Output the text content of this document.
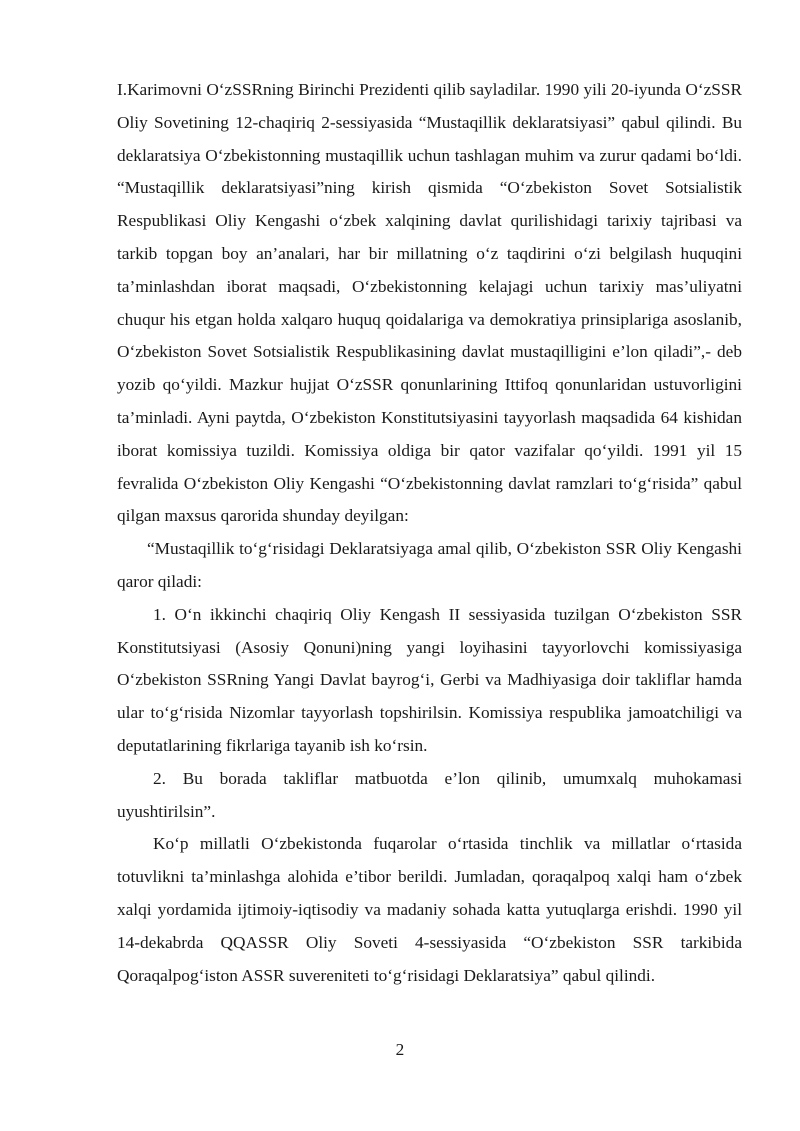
I.Karimovni O‘zSSRning Birinchi Prezidenti qilib sayladilar. 1990 yili 20-iyunda O‘zSSR Oliy Sovetining 12-chaqiriq 2-sessiyasida “Mustaqillik deklaratsiyasi” qabul qilindi. Bu deklaratsiya O‘zbekistonning mustaqillik uchun tashlagan muhim va zurur qadami bo‘ldi. “Mustaqillik deklaratsiyasi”ning kirish qismida “O‘zbekiston Sovet Sotsialistik Respublikasi Oliy Kengashi o‘zbek xalqining davlat qurilishidagi tarixiy tajribasi va tarkib topgan boy an’analari, har bir millatning o‘z taqdirini o‘zi belgilash huquqini ta’minlashdan iborat maqsadi, O‘zbekistonning kelajagi uchun tarixiy mas’uliyatni chuqur his etgan holda xalqaro huquq qoidalariga va demokratiya prinsiplariga asoslanib, O‘zbekiston Sovet Sotsialistik Respublikasining davlat mustaqilligini e’lon qiladi”,- deb yozib qo‘yildi. Mazkur hujjat O‘zSSR qonunlarining Ittifoq qonunlaridan ustuvorligini ta’minladi. Ayni paytda, O‘zbekiston Konstitutsiyasini tayyorlash maqsadida 64 kishidan iborat komissiya tuzildi. Komissiya oldiga bir qator vazifalar qo‘yildi. 1991 yil 15 fevralida O‘zbekiston Oliy Kengashi “O‘zbekistonning davlat ramzlari to‘g‘risida” qabul qilgan maxsus qarorida shunday deyilgan:

“Mustaqillik to‘g‘risidagi Deklaratsiyaga amal qilib, O‘zbekiston SSR Oliy Kengashi qaror qiladi:

1. O‘n ikkinchi chaqiriq Oliy Kengash II sessiyasida tuzilgan O‘zbekiston SSR Konstitutsiyasi (Asosiy Qonuni)ning yangi loyihasini tayyorlovchi komissiyasiga O‘zbekiston SSRning Yangi Davlat bayrog‘i, Gerbi va Madhiyasiga doir takliflar hamda ular to‘g‘risida Nizomlar tayyorlash topshirilsin. Komissiya respublika jamoatchiligi va deputatlarining fikrlariga tayanib ish ko‘rsin.

2. Bu borada takliflar matbuotda e’lon qilinib, umumxalq muhokamasi uyushtirilsin”.

Ko‘p millatli O‘zbekistonda fuqarolar o‘rtasida tinchlik va millatlar o‘rtasida totuvlikni ta’minlashga alohida e’tibor berildi. Jumladan, qoraqalpoq xalqi ham o‘zbek xalqi yordamida ijtimoiy-iqtisodiy va madaniy sohada katta yutuqlarga erishdi. 1990 yil 14-dekabrda QQASSR Oliy Soveti 4-sessiyasida “O‘zbekiston SSR tarkibida Qoraqalpog‘iston ASSR suvereniteti to‘g‘risidagi Deklaratsiya” qabul qilindi.

2
